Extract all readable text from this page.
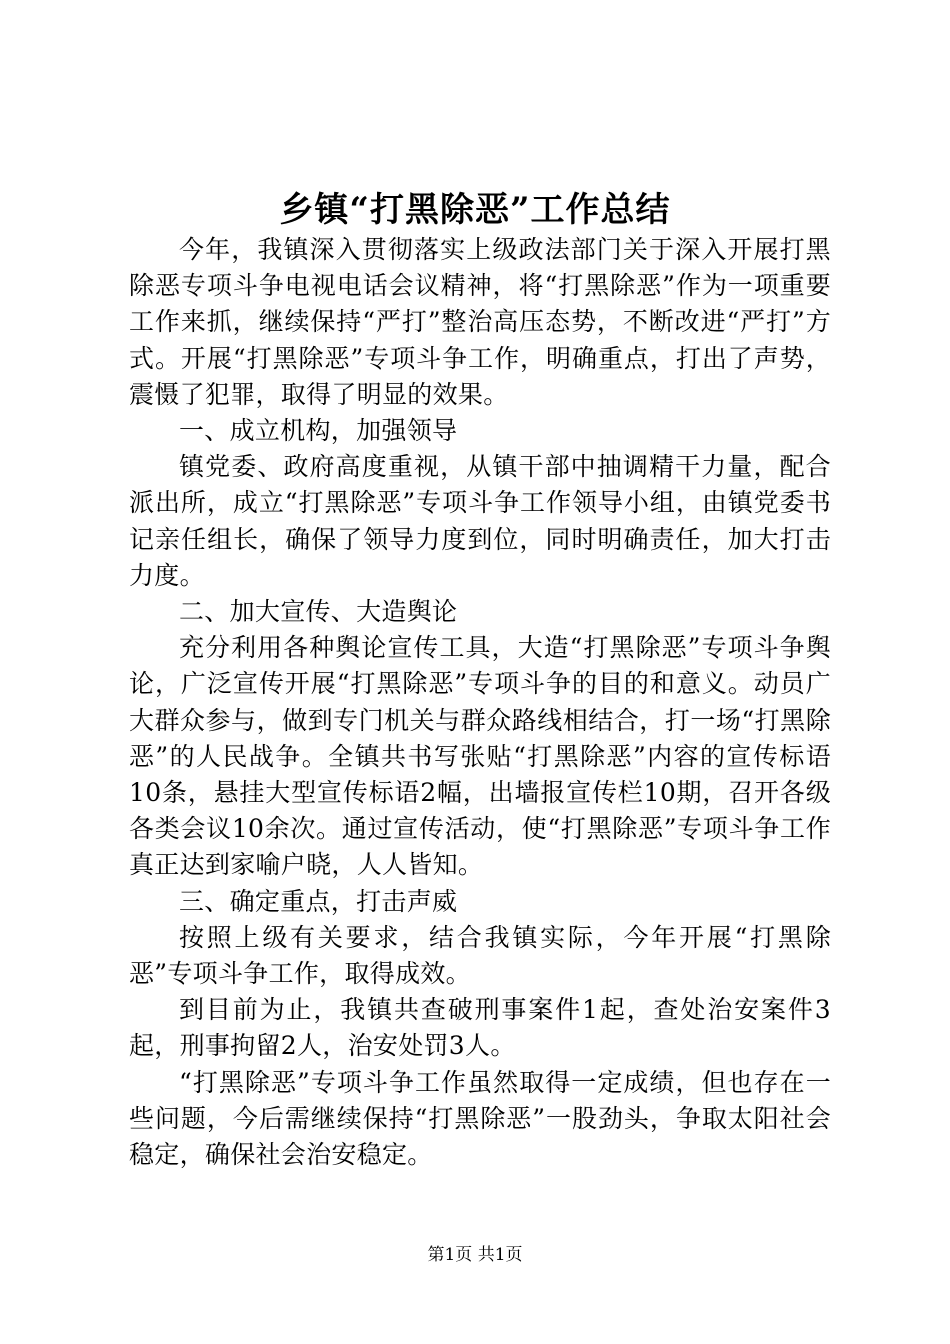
乡镇“打黑除恶”工作总结

今年，我镇深入贯彻落实上级政法部门关于深入开展打黑除恶专项斗争电视电话会议精神，将“打黑除恶”作为一项重要工作来抓，继续保持“严打”整治高压态势，不断改进“严打”方式。开展“打黑除恶”专项斗争工作，明确重点，打出了声势，震慑了犯罪，取得了明显的效果。

一、成立机构，加强领导

镇党委、政府高度重视，从镇干部中抽调精干力量，配合派出所，成立“打黑除恶”专项斗争工作领导小组，由镇党委书记亲任组长，确保了领导力度到位，同时明确责任，加大打击力度。

二、加大宣传、大造舆论

充分利用各种舆论宣传工具，大造“打黑除恶”专项斗争舆论，广泛宣传开展“打黑除恶”专项斗争的目的和意义。动员广大群众参与，做到专门机关与群众路线相结合，打一场“打黑除恶”的人民战争。全镇共书写张贴“打黑除恶”内容的宣传标语10条，悬挂大型宣传标语2幅，出墙报宣传栏10期，召开各级各类会议10余次。通过宣传活动，使“打黑除恶”专项斗争工作真正达到家喻户晓，人人皆知。

三、确定重点，打击声威

按照上级有关要求，结合我镇实际，今年开展“打黑除恶”专项斗争工作，取得成效。

到目前为止，我镇共查破刑事案件1起，查处治安案件3起，刑事拘留2人，治安处罚3人。

“打黑除恶”专项斗争工作虽然取得一定成绩，但也存在一些问题，今后需继续保持“打黑除恶”一股劲头，争取太阳社会稳定，确保社会治安稳定。

第1页 共1页
